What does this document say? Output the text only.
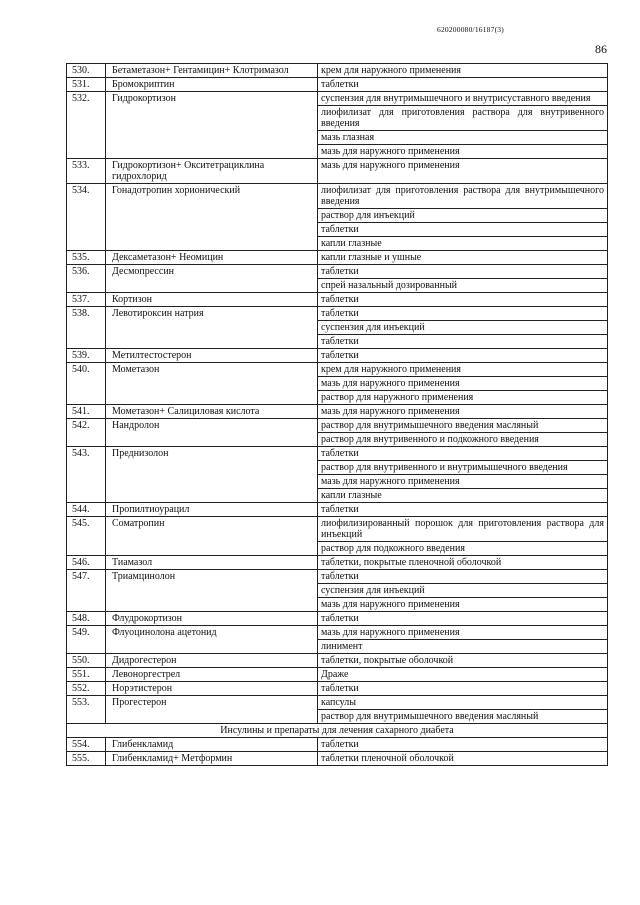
620200080/16187(3)
86
530.	Бетаметазон+ Гентамицин+ Клотримазол	крем для наружного применения
531.	Бромокриптин	таблетки
532.	Гидрокортизон	суспензия для внутримышечного и внутрисуставного введения
		лиофилизат для приготовления раствора для внутривенного введения
		мазь глазная
		мазь для наружного применения
533.	Гидрокортизон+ Окситетрациклина гидрохлорид	мазь для наружного применения
534.	Гонадотропин хорионический	лиофилизат для приготовления раствора для внутримышечного введения
		раствор для инъекций
		таблетки
		капли глазные
535.	Дексаметазон+ Неомицин	капли глазные и ушные
536.	Десмопрессин	таблетки
		спрей назальный дозированный
537.	Кортизон	таблетки
538.	Левотироксин натрия	таблетки
		суспензия для инъекций
		таблетки
539.	Метилтестостерон	таблетки
540.	Мометазон	крем для наружного применения
		мазь для наружного применения
		раствор для наружного применения
541.	Мометазон+ Салициловая кислота	мазь для наружного применения
542.	Нандролон	раствор для внутримышечного введения масляный
		раствор для внутривенного и подкожного введения
543.	Преднизолон	таблетки
		раствор для внутривенного и внутримышечного введения
		мазь для наружного применения
		капли глазные
544.	Пропилтиоурацил	таблетки
545.	Соматропин	лиофилизированный порошок для приготовления раствора для инъекций
		раствор для подкожного введения
546.	Тиамазол	таблетки, покрытые пленочной оболочкой
547.	Триамцинолон	таблетки
		суспензия для инъекций
		мазь для наружного применения
548.	Флудрокортизон	таблетки
549.	Флуоцинолона ацетонид	мазь для наружного применения
		линимент
550.	Дидрогестерон	таблетки, покрытые оболочкой
551.	Левоноргестрел	Драже
552.	Норэтистерон	таблетки
553.	Прогестерон	капсулы
		раствор для внутримышечного введения масляный
Инсулины и препараты для лечения сахарного диабета		
554.	Глибенкламид	таблетки
555.	Глибенкламид+ Метформин	таблетки пленочной оболочкой
